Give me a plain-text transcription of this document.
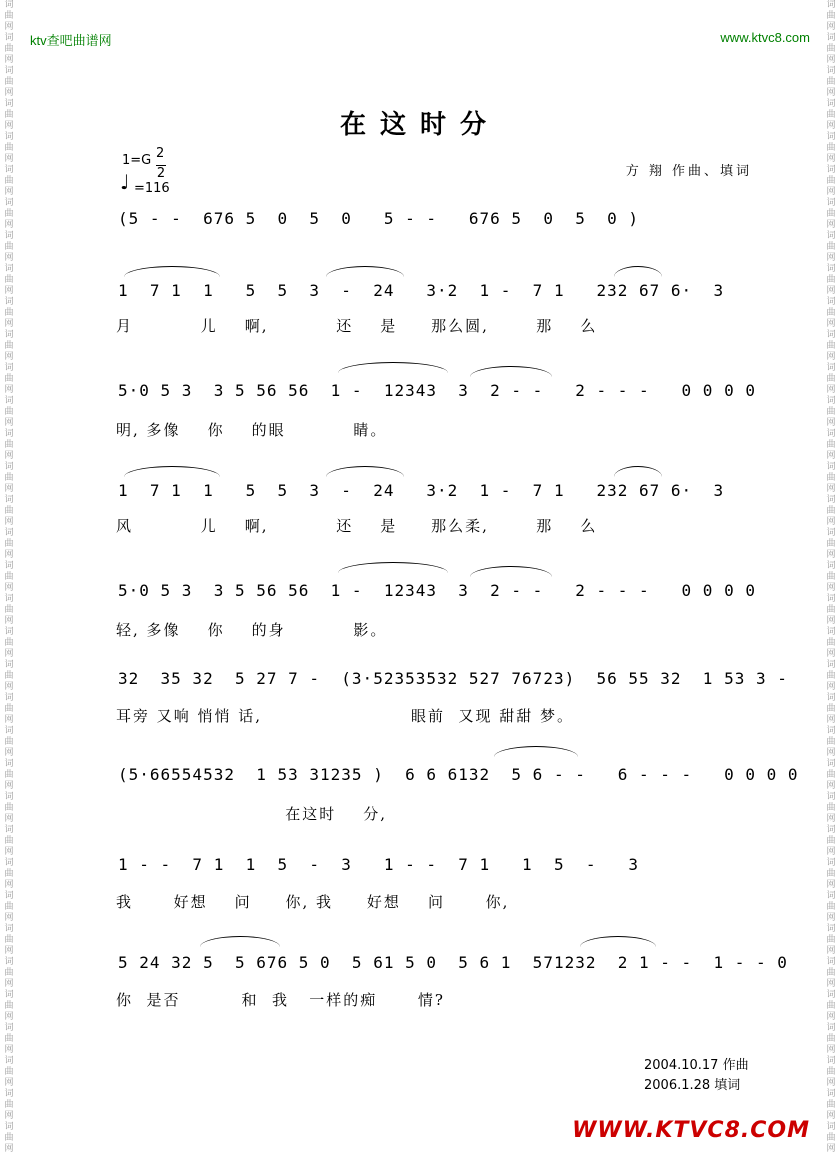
词曲网
词曲网
词曲网
词曲网
词曲网
词曲网
词曲网
词曲网
词曲网
词曲网
词曲网
词曲网
词曲网
词曲网
词曲网
词曲网
词曲网
词曲网
词曲网
词曲网
词曲网
词曲网
词曲网
词曲网
词曲网
词曲网
词曲网
词曲网
词曲网
词曲网
词曲网
词曲网
词曲网
词曲网
词曲网
词曲网
词曲网
词曲网
词曲网
词曲网
词曲网
词曲网
词曲网
词曲网
词曲网
词曲网
词曲网
词曲网
词曲网
词曲网
词曲网
词曲网
词曲网
词曲网
词曲网
词曲网
词曲网
词曲网
词曲网
词曲网
词曲网
词曲网
词曲网
词曲网
词曲网
词曲网
词曲网
词曲网
词曲网
词曲网
ktv查吧曲谱网	www.ktvc8.com
在这时分
1=G 2
2
♩ =116
方 翔 作曲、填词
(5 - -  676 5  0  5  0   5 - -   676 5  0  5  0 )
1  7 1  1   5  5  3  -  24   3·2  1 -  7 1   232 67 6·  3
月          儿    啊,          还    是     那么圆,       那    么
5·0 5 3  3 5 56 56  1 -  12343  3  2 - -   2 - - -   0 0 0 0
明, 多像    你    的眼          睛。
1  7 1  1   5  5  3  -  24   3·2  1 -  7 1   232 67 6·  3
风          儿    啊,          还    是     那么柔,       那    么
5·0 5 3  3 5 56 56  1 -  12343  3  2 - -   2 - - -   0 0 0 0
轻, 多像    你    的身          影。
32  35 32  5 27 7 -  (3·52353532 527 76723)  56 55 32  1 53 3 -
耳旁 又响 悄悄 话,                      眼前  又现 甜甜 梦。
(5·66554532  1 53 31235 )  6 6 6132  5 6 - -   6 - - -   0 0 0 0
在这时    分,
1 - -  7 1  1  5  -  3   1 - -  7 1   1  5  -   3
我      好想    问     你, 我     好想    问      你,
5 24 32 5  5 676 5 0  5 61 5 0  5 6 1  571232  2 1 - -  1 - - 0
你  是否         和  我   一样的痴      情?
2004.10.17 作曲
2006.1.28 填词
WWW.KTVC8.COM
